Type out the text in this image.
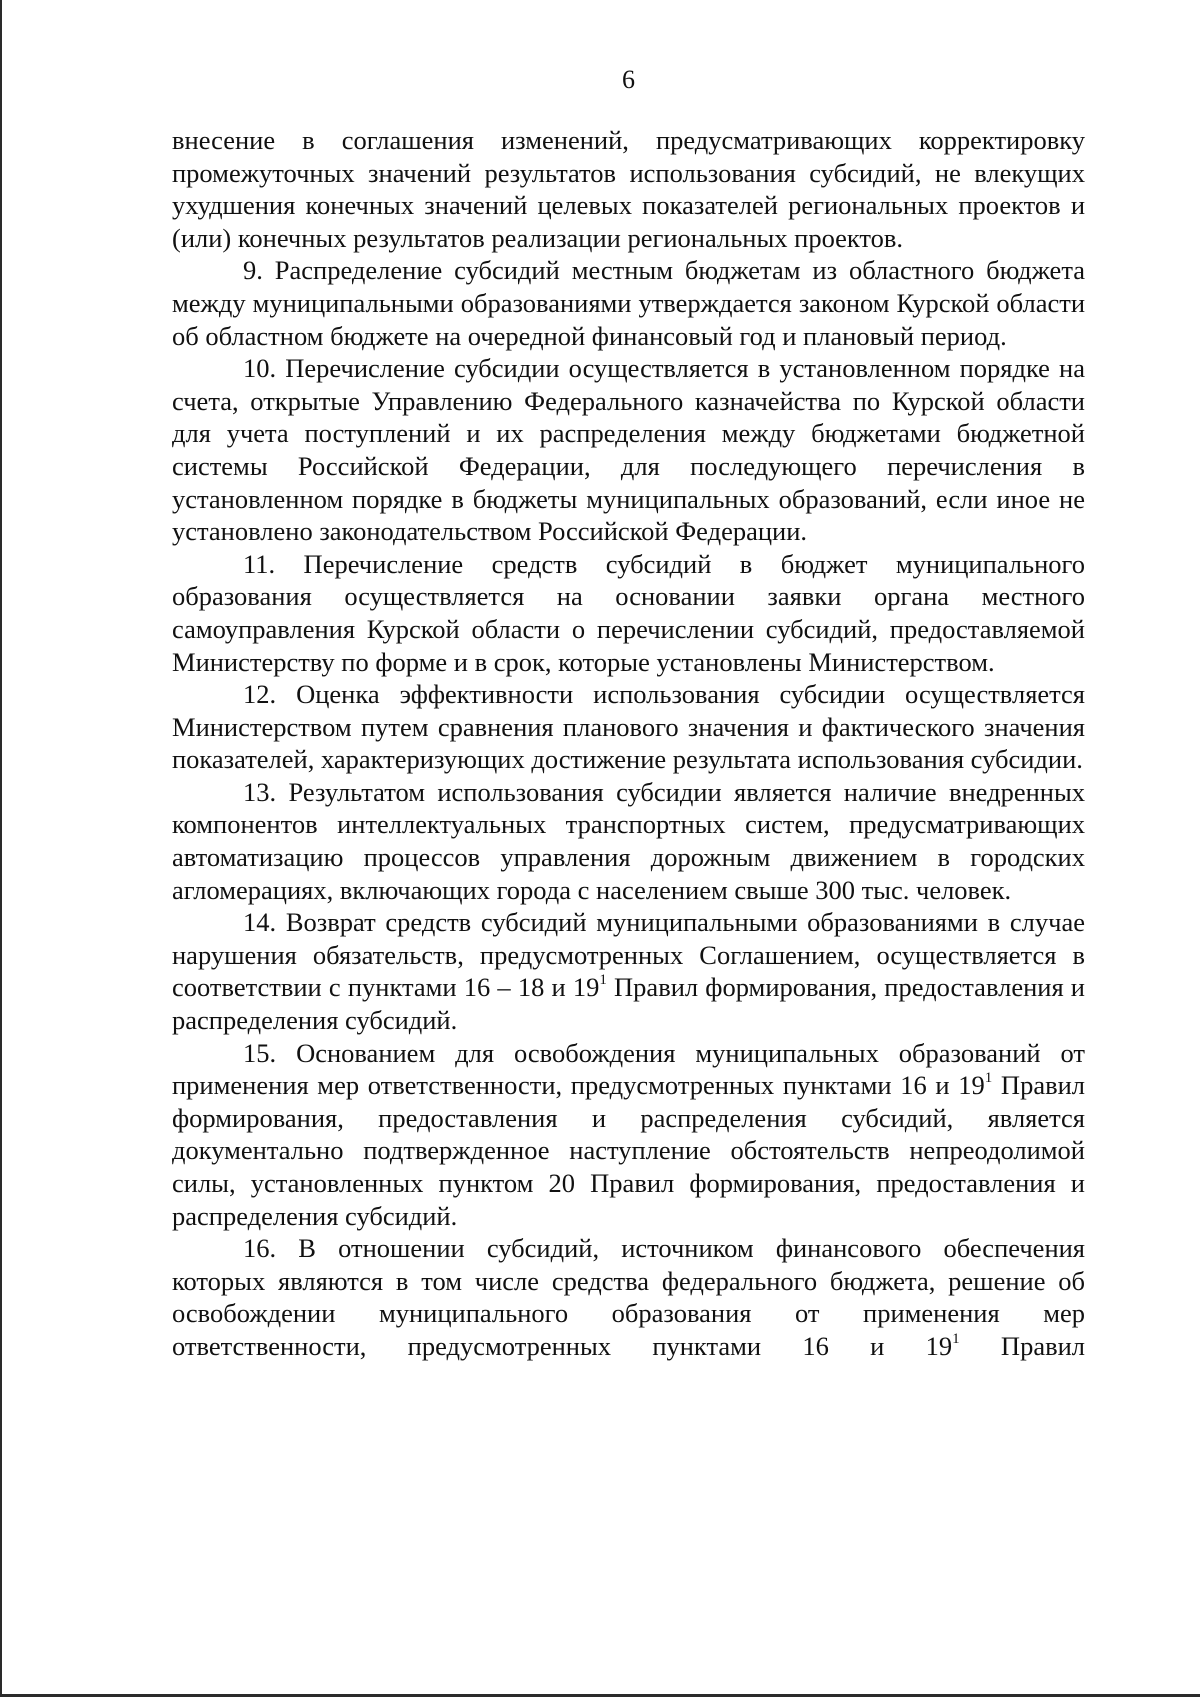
6

внесение в соглашения изменений, предусматривающих корректировку промежуточных значений результатов использования субсидий, не влекущих ухудшения конечных значений целевых показателей региональных проектов и (или) конечных результатов реализации региональных проектов.

9. Распределение субсидий местным бюджетам из областного бюджета между муниципальными образованиями утверждается законом Курской области об областном бюджете на очередной финансовый год и плановый период.

10. Перечисление субсидии осуществляется в установленном порядке на счета, открытые Управлению Федерального казначейства по Курской области для учета поступлений и их распределения между бюджетами бюджетной системы Российской Федерации, для последующего перечисления в установленном порядке в бюджеты муниципальных образований, если иное не установлено законодательством Российской Федерации.

11. Перечисление средств субсидий в бюджет муниципального образования осуществляется на основании заявки органа местного самоуправления Курской области о перечислении субсидий, предоставляемой Министерству по форме и в срок, которые установлены Министерством.

12. Оценка эффективности использования субсидии осуществляется Министерством путем сравнения планового значения и фактического значения показателей, характеризующих достижение результата использования субсидии.

13. Результатом использования субсидии является наличие внедренных компонентов интеллектуальных транспортных систем, предусматривающих автоматизацию процессов управления дорожным движением в городских агломерациях, включающих города с населением свыше 300 тыс. человек.

14. Возврат средств субсидий муниципальными образованиями в случае нарушения обязательств, предусмотренных Соглашением, осуществляется в соответствии с пунктами 16 – 18 и $19^1$ Правил формирования, предоставления и распределения субсидий.

15. Основанием для освобождения муниципальных образований от применения мер ответственности, предусмотренных пунктами 16 и $19^1$ Правил формирования, предоставления и распределения субсидий, является документально подтвержденное наступление обстоятельств непреодолимой силы, установленных пунктом 20 Правил формирования, предоставления и распределения субсидий.

16. В отношении субсидий, источником финансового обеспечения которых являются в том числе средства федерального бюджета, решение об освобождении муниципального образования от применения мер ответственности, предусмотренных пунктами 16 и $19^1$ Правил
